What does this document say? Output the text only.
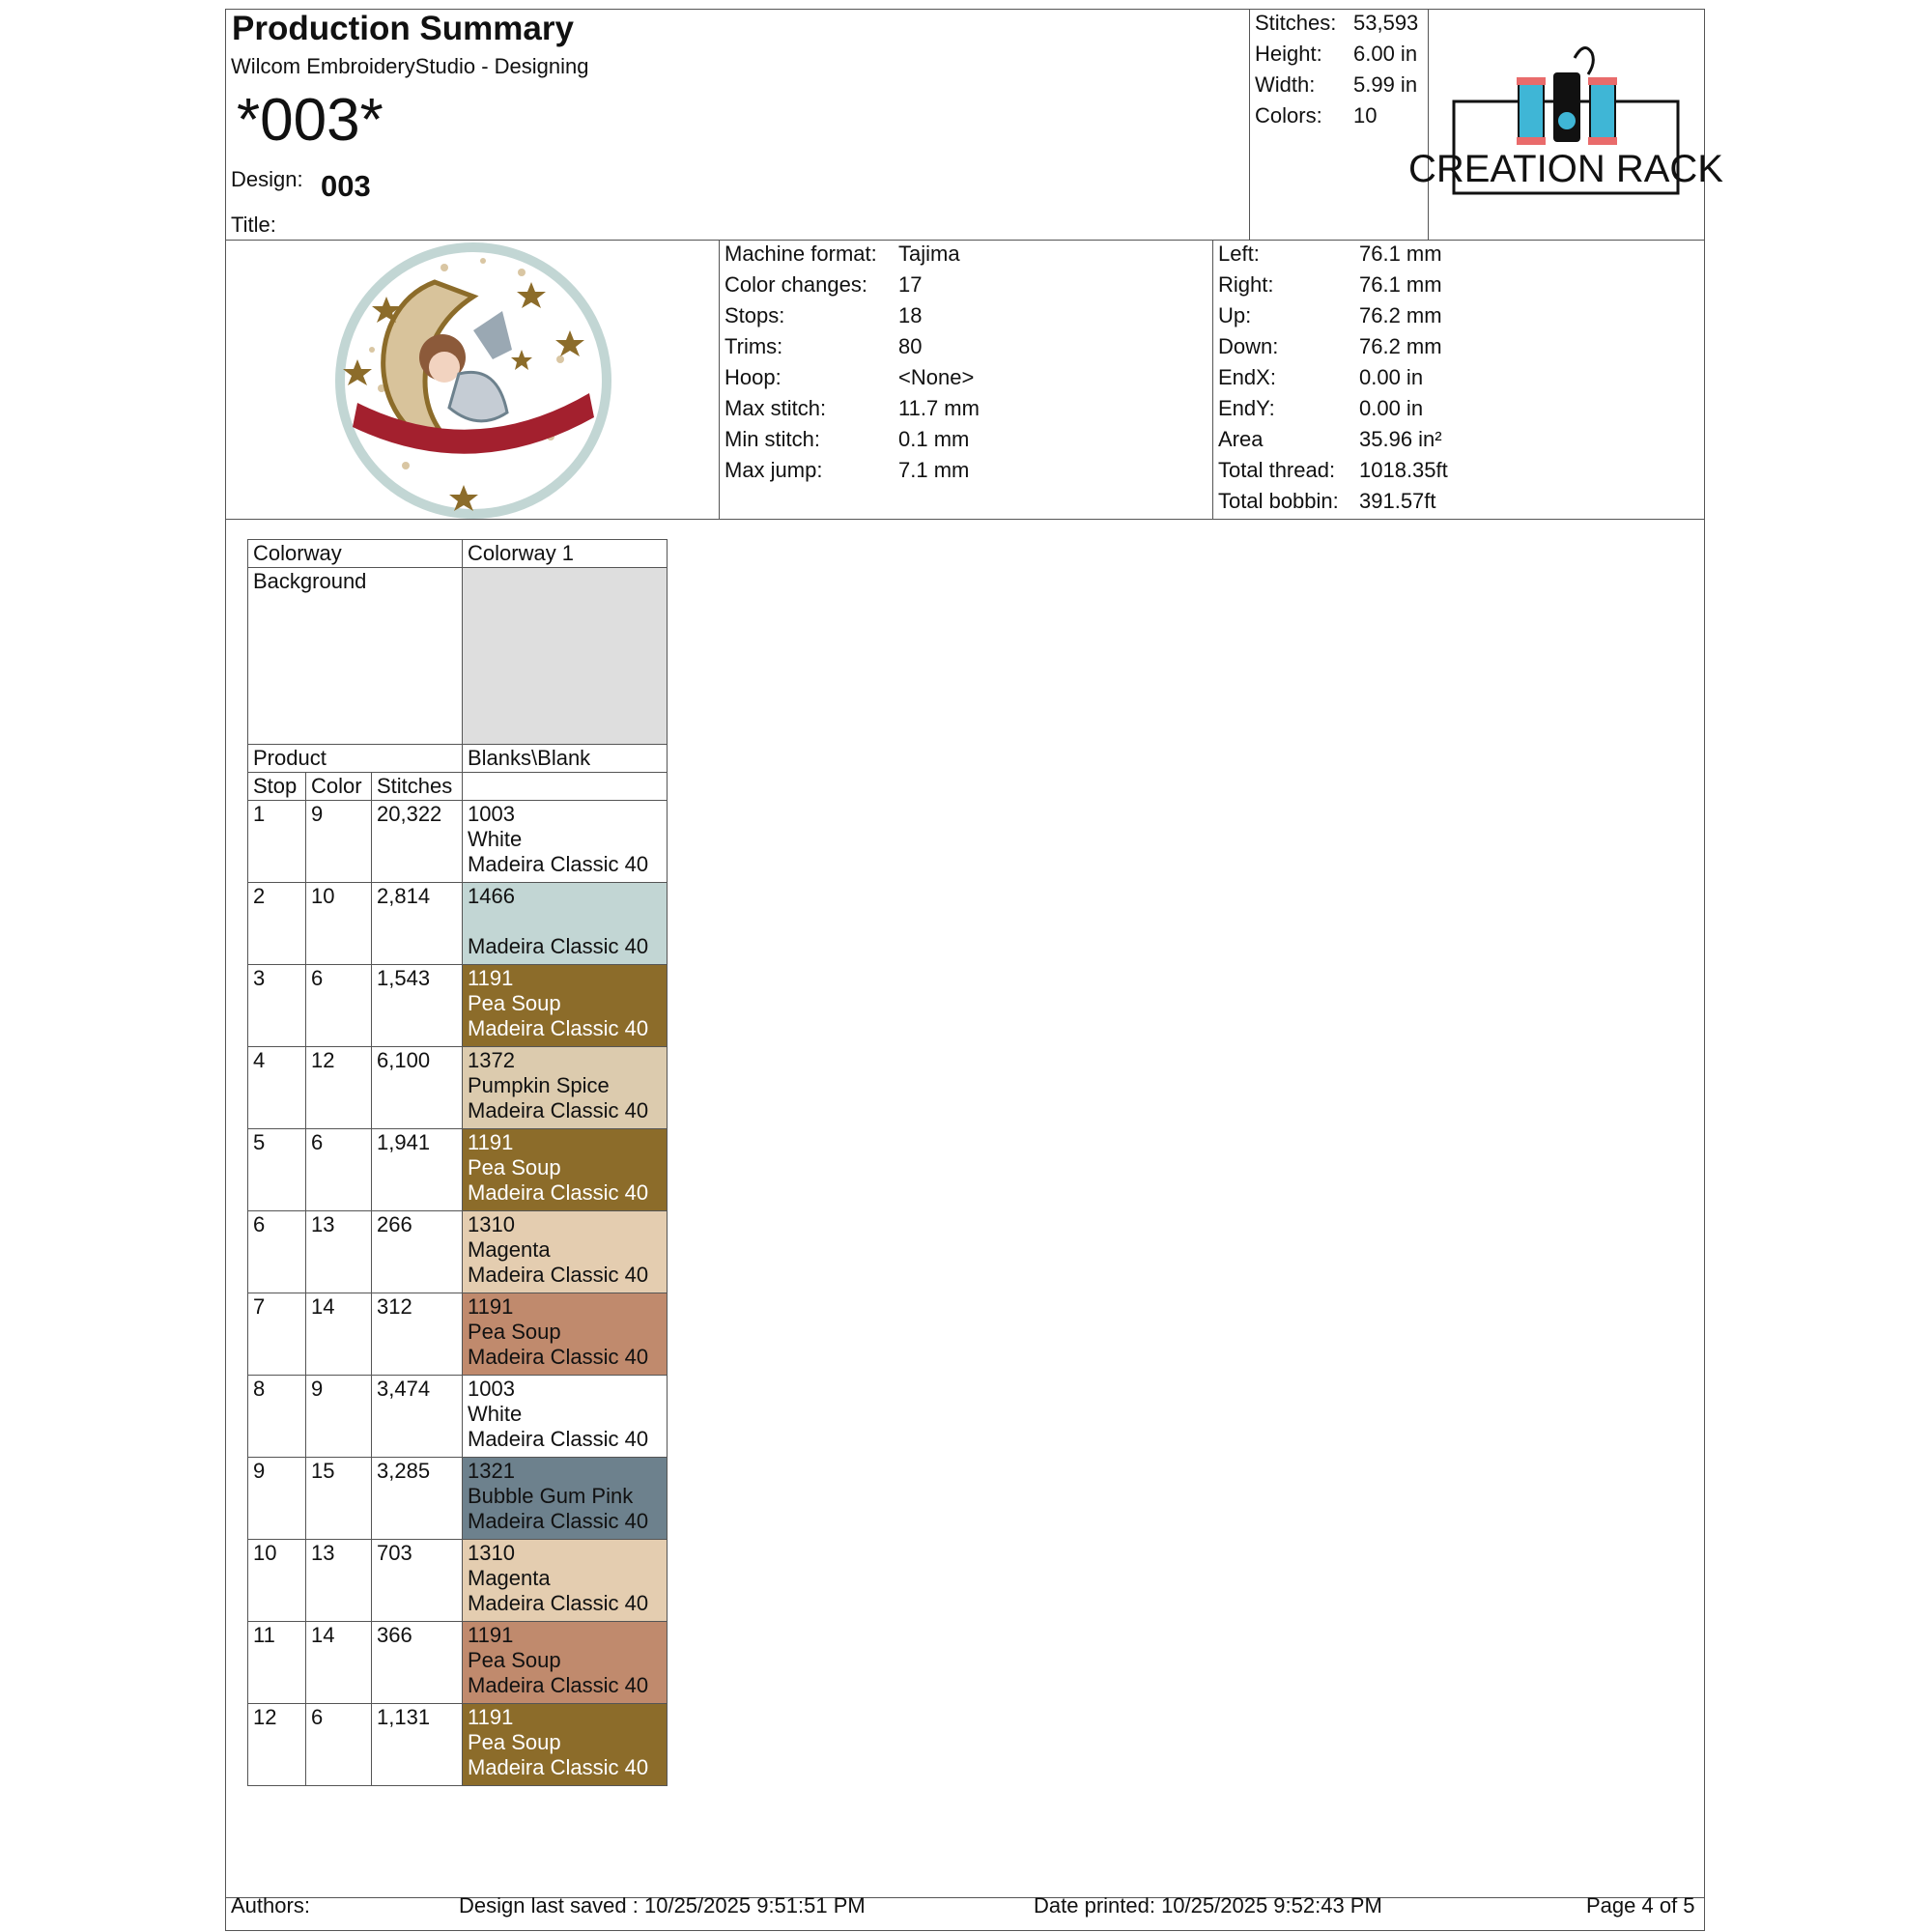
Production Summary
Wilcom EmbroideryStudio - Designing
*003*
Design: 003
Title:
Stitches: 53,593
Height: 6.00 in
Width: 5.99 in
Colors: 10
CREATION RACK
Machine format: Tajima
Color changes: 17
Stops:	18
Trims:	80
Hoop:	<None>
Max stitch:	11.7 mm
Min stitch:	0.1 mm
Max jump:	7.1 mm
Left:	76.1 mm
Right:	76.1 mm
Up:	76.2 mm
Down:	76.2 mm
EndX:	0.00 in
EndY:	0.00 in
Area	35.96 in²
Total thread: 1018.35ft
Total bobbin: 391.57ft
Colorway			Colorway 1
Background			

Product			Blanks\Blank
Stop	Color	Stitches	
1	9	20,322	1003
White
Madeira Classic 40

2	10	2,814	1466
Madeira Classic 40

3	6	1,543	1191
Pea Soup
Madeira Classic 40

4	12	6,100	1372
Pumpkin Spice
Madeira Classic 40

5	6	1,941	1191
Pea Soup
Madeira Classic 40

6	13	266	1310
Magenta
Madeira Classic 40

7	14	312	1191
Pea Soup
Madeira Classic 40

8	9	3,474	1003
White
Madeira Classic 40

9	15	3,285	1321
Bubble Gum Pink
Madeira Classic 40

10	13	703	1310
Magenta
Madeira Classic 40

11	14	366	1191
Pea Soup
Madeira Classic 40

12	6	1,131	1191
Pea Soup
Madeira Classic 40
Authors:	Design last saved : 10/25/2025 9:51:51 PM	Date printed: 10/25/2025 9:52:43 PM	Page 4 of 5
